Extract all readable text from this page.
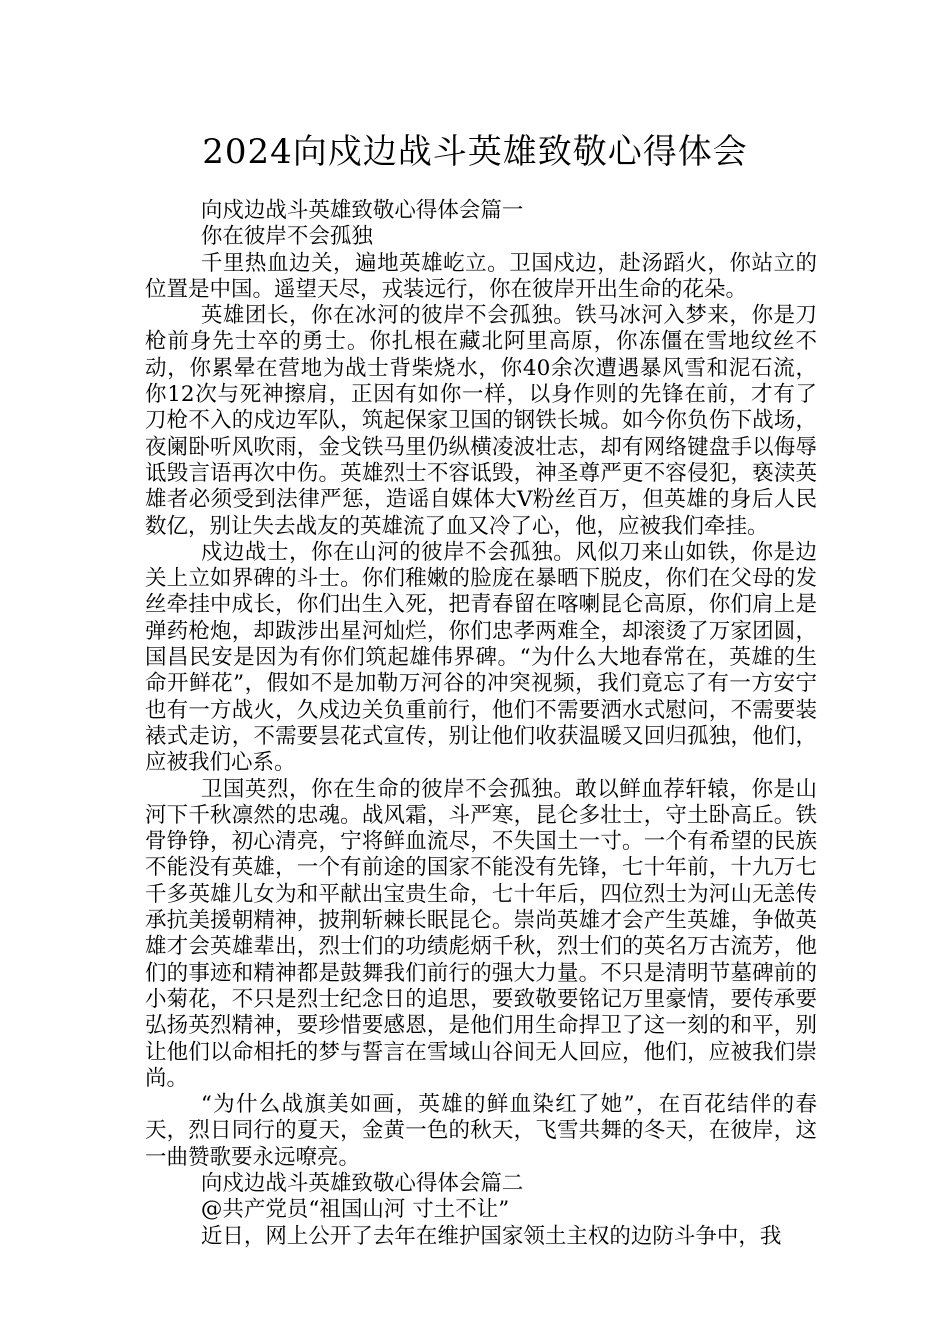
2024向戍边战斗英雄致敬心得体会

向戍边战斗英雄致敬心得体会篇一

你在彼岸不会孤独

千里热血边关，遍地英雄屹立。卫国戍边，赴汤蹈火，你站立的位置是中国。遥望天尽，戎装远行，你在彼岸开出生命的花朵。

英雄团长，你在冰河的彼岸不会孤独。铁马冰河入梦来，你是刀枪前身先士卒的勇士。你扎根在藏北阿里高原，你冻僵在雪地纹丝不动，你累晕在营地为战士背柴烧水，你40余次遭遇暴风雪和泥石流，你12次与死神擦肩，正因有如你一样，以身作则的先锋在前，才有了刀枪不入的戍边军队，筑起保家卫国的钢铁长城。如今你负伤下战场，夜阑卧听风吹雨，金戈铁马里仍纵横凌波壮志，却有网络键盘手以侮辱诋毁言语再次中伤。英雄烈士不容诋毁，神圣尊严更不容侵犯，亵渎英雄者必须受到法律严惩，造谣自媒体大V粉丝百万，但英雄的身后人民数亿，别让失去战友的英雄流了血又冷了心，他，应被我们牵挂。

戍边战士，你在山河的彼岸不会孤独。风似刀来山如铁，你是边关上立如界碑的斗士。你们稚嫩的脸庞在暴晒下脱皮，你们在父母的发丝牵挂中成长，你们出生入死，把青春留在喀喇昆仑高原，你们肩上是弹药枪炮，却跋涉出星河灿烂，你们忠孝两难全，却滚烫了万家团圆，国昌民安是因为有你们筑起雄伟界碑。“为什么大地春常在，英雄的生命开鲜花”，假如不是加勒万河谷的冲突视频，我们竟忘了有一方安宁也有一方战火，久戍边关负重前行，他们不需要洒水式慰问，不需要装裱式走访，不需要昙花式宣传，别让他们收获温暖又回归孤独，他们，应被我们心系。

卫国英烈，你在生命的彼岸不会孤独。敢以鲜血荐轩辕，你是山河下千秋凛然的忠魂。战风霜，斗严寒，昆仑多壮士，守土卧高丘。铁骨铮铮，初心清亮，宁将鲜血流尽，不失国土一寸。一个有希望的民族不能没有英雄，一个有前途的国家不能没有先锋，七十年前，十九万七千多英雄儿女为和平献出宝贵生命，七十年后，四位烈士为河山无恙传承抗美援朝精神，披荆斩棘长眠昆仑。崇尚英雄才会产生英雄，争做英雄才会英雄辈出，烈士们的功绩彪炳千秋，烈士们的英名万古流芳，他们的事迹和精神都是鼓舞我们前行的强大力量。不只是清明节墓碑前的小菊花，不只是烈士纪念日的追思，要致敬要铭记万里豪情，要传承要弘扬英烈精神，要珍惜要感恩，是他们用生命捍卫了这一刻的和平，别让他们以命相托的梦与誓言在雪域山谷间无人回应，他们，应被我们崇尚。

“为什么战旗美如画，英雄的鲜血染红了她”，在百花结伴的春天，烈日同行的夏天，金黄一色的秋天，飞雪共舞的冬天，在彼岸，这一曲赞歌要永远嘹亮。

向戍边战斗英雄致敬心得体会篇二

@共产党员“祖国山河 寸土不让”

近日，网上公开了去年在维护国家领土主权的边防斗争中，我
